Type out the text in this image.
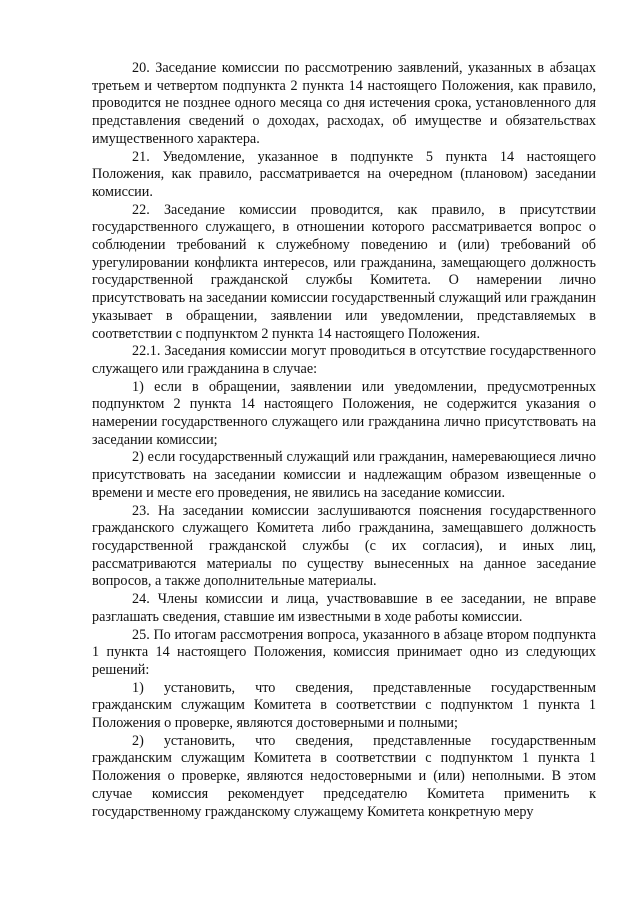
20. Заседание комиссии по рассмотрению заявлений, указанных в абзацах третьем и четвертом подпункта 2 пункта 14 настоящего Положения, как правило, проводится не позднее одного месяца со дня истечения срока, установленного для представления сведений о доходах, расходах, об имуществе и обязательствах имущественного характера.

21. Уведомление, указанное в подпункте 5 пункта 14 настоящего Положения, как правило, рассматривается на очередном (плановом) заседании комиссии.

22. Заседание комиссии проводится, как правило, в присутствии государственного служащего, в отношении которого рассматривается вопрос о соблюдении требований к служебному поведению и (или) требований об урегулировании конфликта интересов, или гражданина, замещающего должность государственной гражданской службы Комитета. О намерении лично присутствовать на заседании комиссии государственный служащий или гражданин указывает в обращении, заявлении или уведомлении, представляемых в соответствии с подпунктом 2 пункта 14 настоящего Положения.

22.1. Заседания комиссии могут проводиться в отсутствие государственного служащего или гражданина в случае:

1) если в обращении, заявлении или уведомлении, предусмотренных подпунктом 2 пункта 14 настоящего Положения, не содержится указания о намерении государственного служащего или гражданина лично присутствовать на заседании комиссии;

2) если государственный служащий или гражданин, намеревающиеся лично присутствовать на заседании комиссии и надлежащим образом извещенные о времени и месте его проведения, не явились на заседание комиссии.

23. На заседании комиссии заслушиваются пояснения государственного гражданского служащего Комитета либо гражданина, замещавшего должность государственной гражданской службы (с их согласия), и иных лиц, рассматриваются материалы по существу вынесенных на данное заседание вопросов, а также дополнительные материалы.

24. Члены комиссии и лица, участвовавшие в ее заседании, не вправе разглашать сведения, ставшие им известными в ходе работы комиссии.

25. По итогам рассмотрения вопроса, указанного в абзаце втором подпункта 1 пункта 14 настоящего Положения, комиссия принимает одно из следующих решений:

1) установить, что сведения, представленные государственным гражданским служащим Комитета в соответствии с подпунктом 1 пункта 1 Положения о проверке, являются достоверными и полными;

2) установить, что сведения, представленные государственным гражданским служащим Комитета в соответствии с подпунктом 1 пункта 1 Положения о проверке, являются недостоверными и (или) неполными. В этом случае комиссия рекомендует председателю Комитета применить к государственному гражданскому служащему Комитета конкретную меру
